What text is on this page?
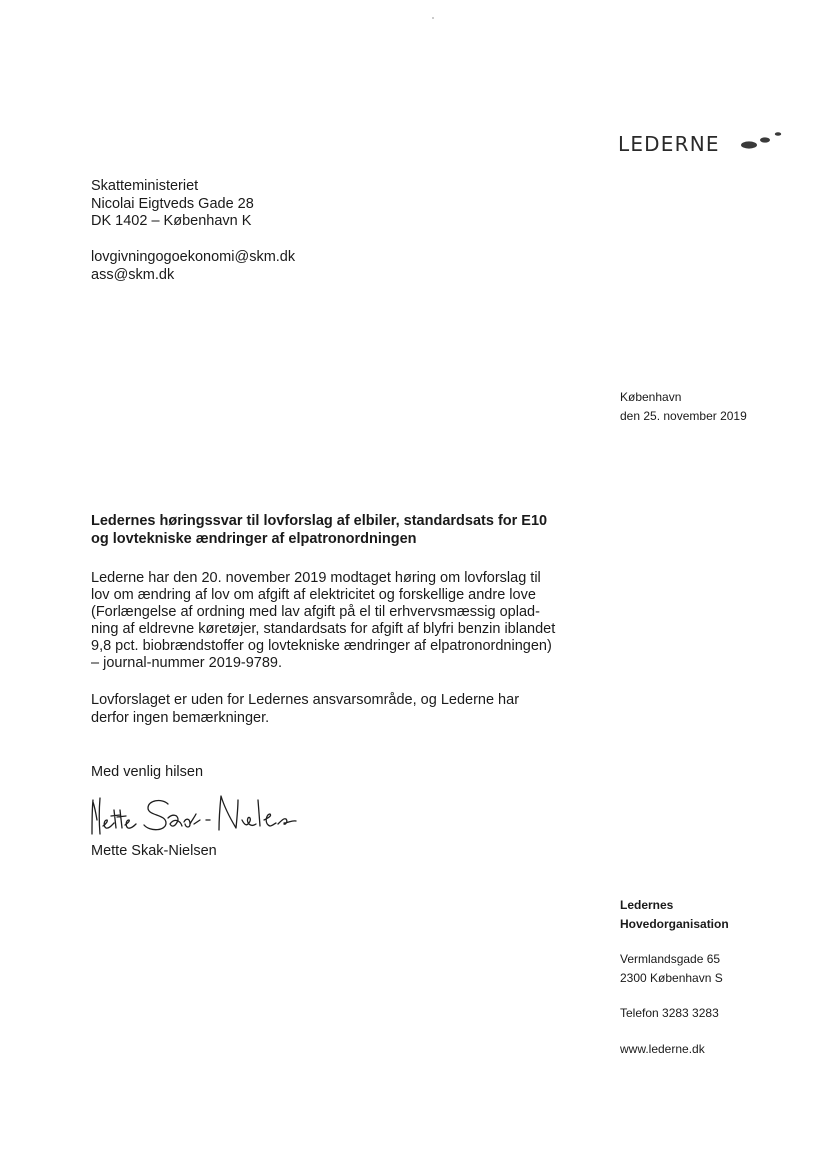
LEDERNE
Skatteministeriet
Nicolai Eigtveds Gade 28
DK 1402 – København K
lovgivningogoekonomi@skm.dk
ass@skm.dk
København
den 25. november 2019
Ledernes høringssvar til lovforslag af elbiler, standardsats for E10
og lovtekniske ændringer af elpatronordningen
Lederne har den 20. november 2019 modtaget høring om lovforslag til
lov om ændring af lov om afgift af elektricitet og forskellige andre love
(Forlængelse af ordning med lav afgift på el til erhvervsmæssig oplad-
ning af eldrevne køretøjer, standardsats for afgift af blyfri benzin iblandet
9,8 pct. biobrændstoffer og lovtekniske ændringer af elpatronordningen)
– journal-nummer 2019-9789.
Lovforslaget er uden for Ledernes ansvarsområde, og Lederne har
derfor ingen bemærkninger.
Med venlig hilsen
Mette Skak-Nielsen
Ledernes
Hovedorganisation
Vermlandsgade 65
2300 København S
Telefon 3283 3283
www.lederne.dk
